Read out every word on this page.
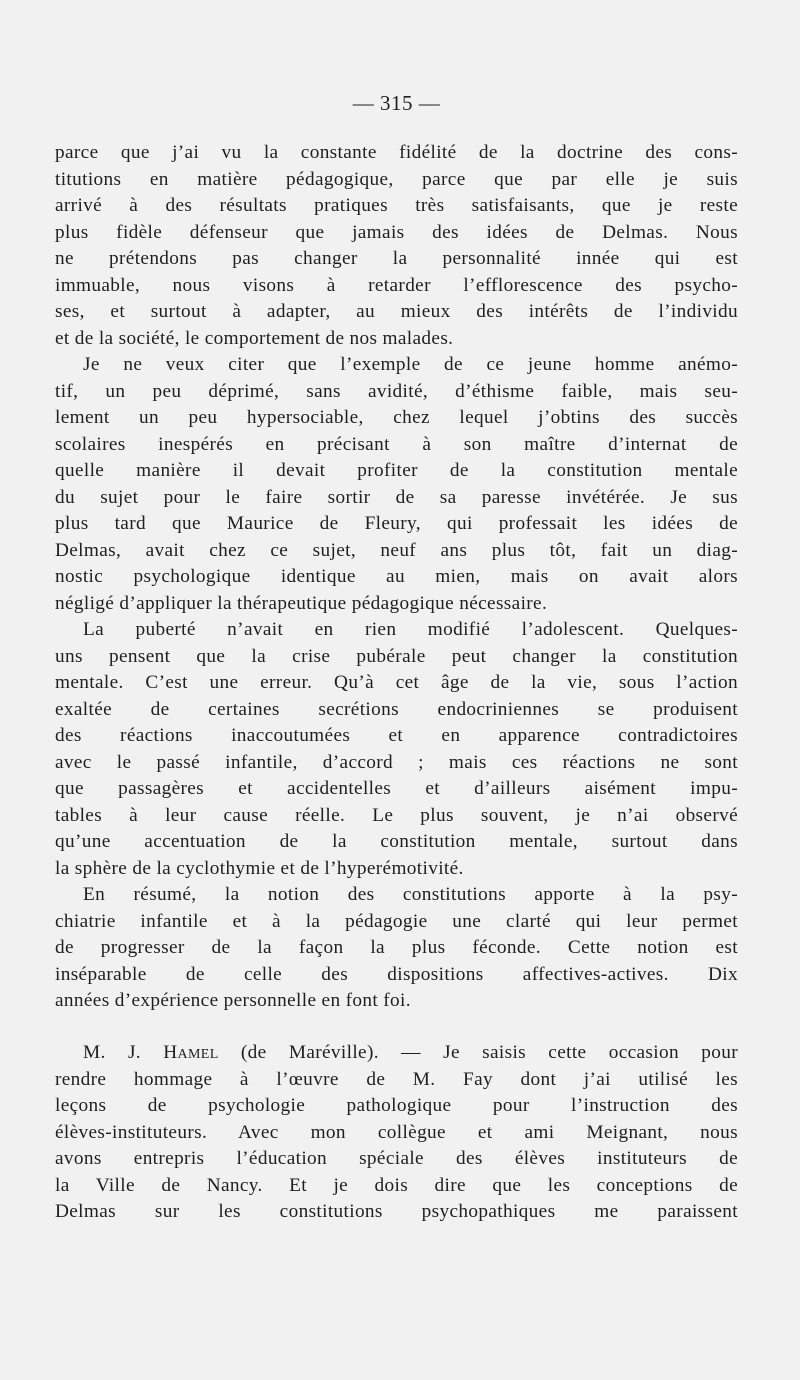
— 315 —
parce que j’ai vu la constante fidélité de la doctrine des cons-
titutions en matière pédagogique, parce que par elle je suis
arrivé à des résultats pratiques très satisfaisants, que je reste
plus fidèle défenseur que jamais des idées de Delmas. Nous
ne prétendons pas changer la personnalité innée qui est
immuable, nous visons à retarder l’efflorescence des psycho-
ses, et surtout à adapter, au mieux des intérêts de l’individu
et de la société, le comportement de nos malades.
Je ne veux citer que l’exemple de ce jeune homme anémo-
tif, un peu déprimé, sans avidité, d’éthisme faible, mais seu-
lement un peu hypersociable, chez lequel j’obtins des succès
scolaires inespérés en précisant à son maître d’internat de
quelle manière il devait profiter de la constitution mentale
du sujet pour le faire sortir de sa paresse invétérée. Je sus
plus tard que Maurice de Fleury, qui professait les idées de
Delmas, avait chez ce sujet, neuf ans plus tôt, fait un diag-
nostic psychologique identique au mien, mais on avait alors
négligé d’appliquer la thérapeutique pédagogique nécessaire.
La puberté n’avait en rien modifié l’adolescent. Quelques-
uns pensent que la crise pubérale peut changer la constitution
mentale. C’est une erreur. Qu’à cet âge de la vie, sous l’action
exaltée de certaines secrétions endocriniennes se produisent
des réactions inaccoutumées et en apparence contradictoires
avec le passé infantile, d’accord ; mais ces réactions ne sont
que passagères et accidentelles et d’ailleurs aisément impu-
tables à leur cause réelle. Le plus souvent, je n’ai observé
qu’une accentuation de la constitution mentale, surtout dans
la sphère de la cyclothymie et de l’hyperémotivité.
En résumé, la notion des constitutions apporte à la psy-
chiatrie infantile et à la pédagogie une clarté qui leur permet
de progresser de la façon la plus féconde. Cette notion est
inséparable de celle des dispositions affectives-actives. Dix
années d’expérience personnelle en font foi.
M. J. Hamel (de Maréville). — Je saisis cette occasion pour
rendre hommage à l’œuvre de M. Fay dont j’ai utilisé les
leçons de psychologie pathologique pour l’instruction des
élèves-instituteurs. Avec mon collègue et ami Meignant, nous
avons entrepris l’éducation spéciale des élèves instituteurs de
la Ville de Nancy. Et je dois dire que les conceptions de
Delmas sur les constitutions psychopathiques me paraissent
